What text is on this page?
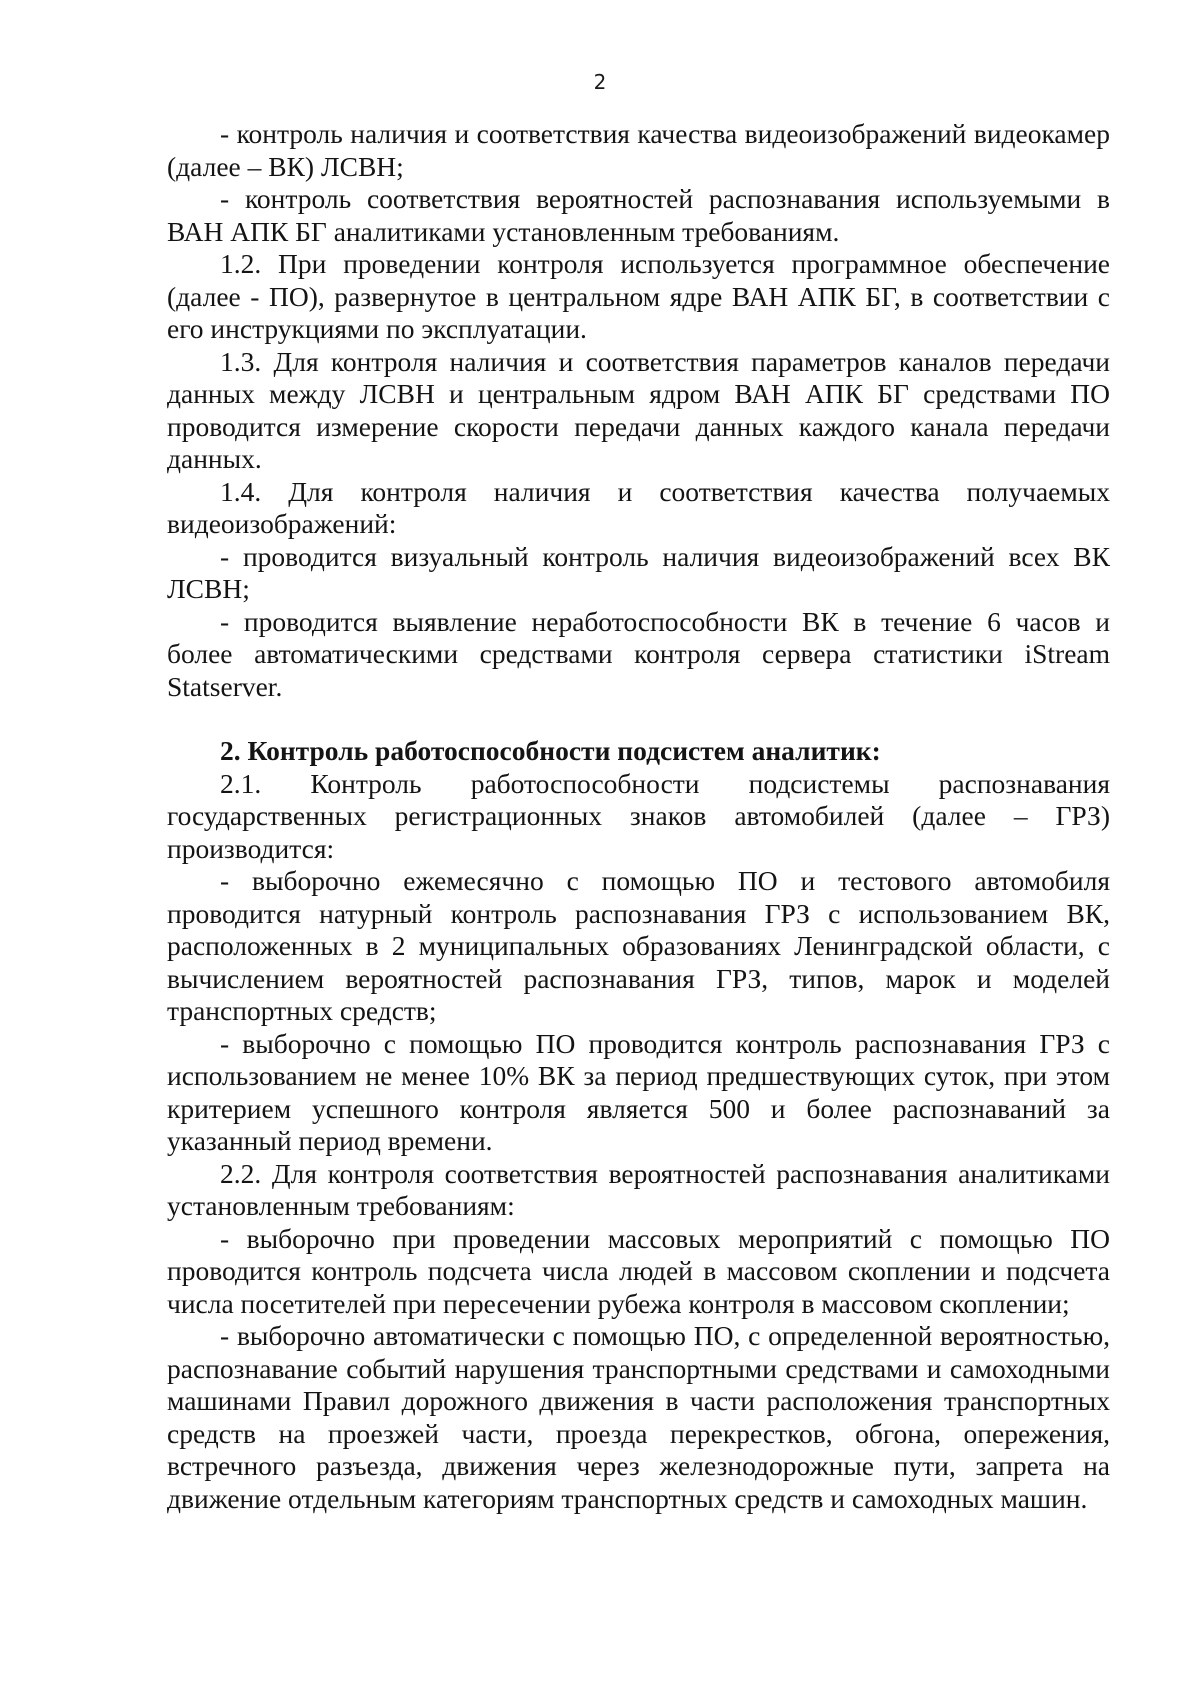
2

- контроль наличия и соответствия качества видеоизображений видеокамер (далее – ВК) ЛСВН;

- контроль соответствия вероятностей распознавания используемыми в ВАН АПК БГ аналитиками установленным требованиям.

1.2. При проведении контроля используется программное обеспечение (далее - ПО), развернутое в центральном ядре ВАН АПК БГ, в соответствии с его инструкциями по эксплуатации.

1.3. Для контроля наличия и соответствия параметров каналов передачи данных между ЛСВН и центральным ядром ВАН АПК БГ средствами ПО проводится измерение скорости передачи данных каждого канала передачи данных.

1.4. Для контроля наличия и соответствия качества получаемых видеоизображений:

- проводится визуальный контроль наличия видеоизображений всех ВК ЛСВН;

- проводится выявление неработоспособности ВК в течение 6 часов и более автоматическими средствами контроля сервера статистики iStream Statserver.

2. Контроль работоспособности подсистем аналитик:

2.1. Контроль работоспособности подсистемы распознавания государственных регистрационных знаков автомобилей (далее – ГРЗ) производится:

- выборочно ежемесячно с помощью ПО и тестового автомобиля проводится натурный контроль распознавания ГРЗ с использованием ВК, расположенных в 2 муниципальных образованиях Ленинградской области, с вычислением вероятностей распознавания ГРЗ, типов, марок и моделей транспортных средств;

- выборочно с помощью ПО проводится контроль распознавания ГРЗ с использованием не менее 10% ВК за период предшествующих суток, при этом критерием успешного контроля является 500 и более распознаваний за указанный период времени.

2.2. Для контроля соответствия вероятностей распознавания аналитиками установленным требованиям:

- выборочно при проведении массовых мероприятий с помощью ПО проводится контроль подсчета числа людей в массовом скоплении и подсчета числа посетителей при пересечении рубежа контроля в массовом скоплении;

- выборочно автоматически с помощью ПО, с определенной вероятностью, распознавание событий нарушения транспортными средствами и самоходными машинами Правил дорожного движения в части расположения транспортных средств на проезжей части, проезда перекрестков, обгона, опережения, встречного разъезда, движения через железнодорожные пути, запрета на движение отдельным категориям транспортных средств и самоходных машин.
